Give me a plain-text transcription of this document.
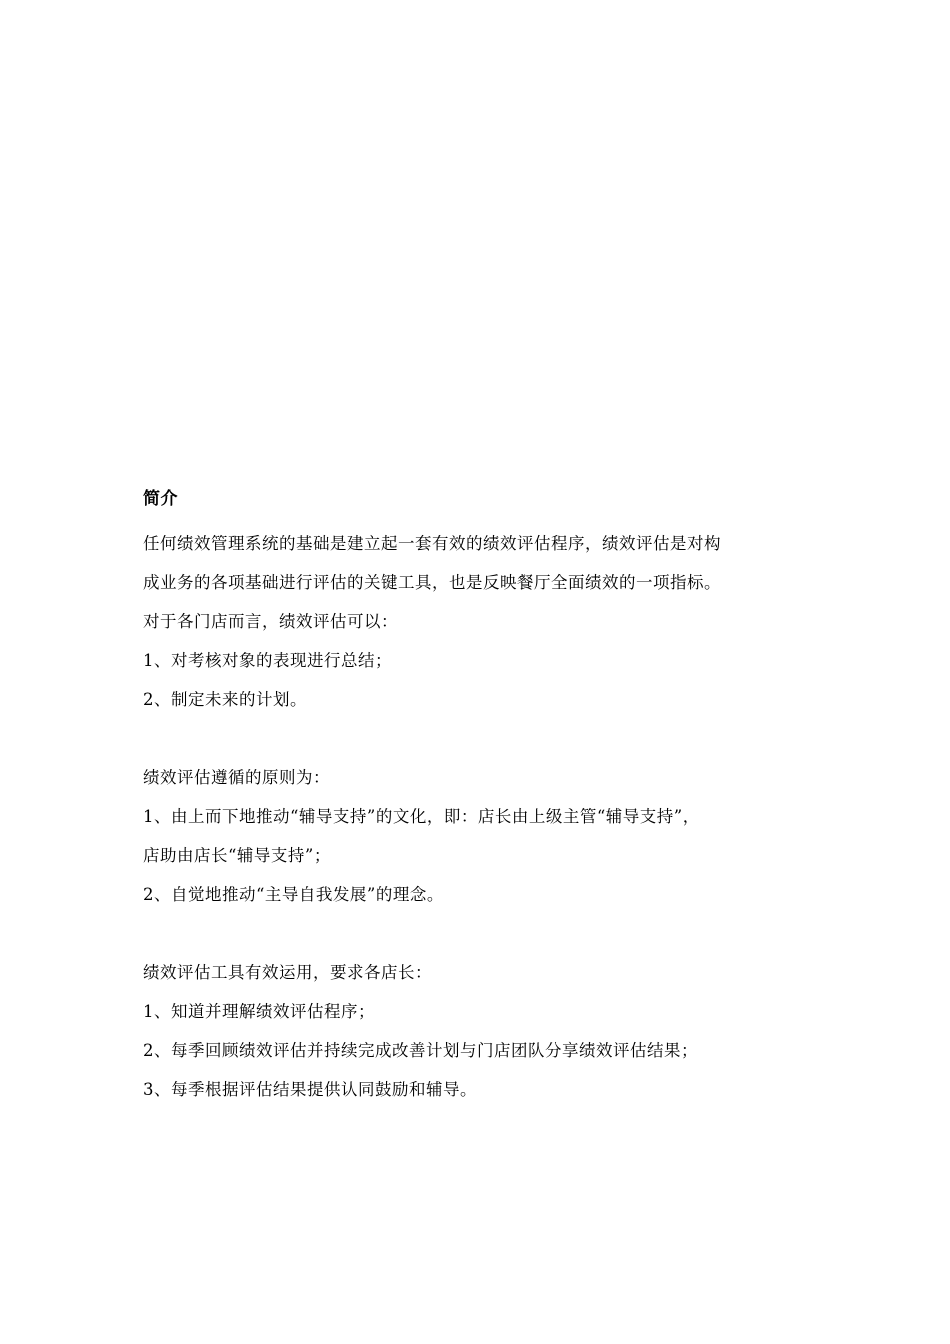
简介

任何绩效管理系统的基础是建立起一套有效的绩效评估程序，绩效评估是对构

成业务的各项基础进行评估的关键工具，也是反映餐厅全面绩效的一项指标。

对于各门店而言，绩效评估可以：

1、对考核对象的表现进行总结；

2、制定未来的计划。

绩效评估遵循的原则为：

1、由上而下地推动“辅导支持”的文化，即：店长由上级主管“辅导支持”，

店助由店长“辅导支持”；

2、自觉地推动“主导自我发展”的理念。

绩效评估工具有效运用，要求各店长：

1、知道并理解绩效评估程序；

2、每季回顾绩效评估并持续完成改善计划与门店团队分享绩效评估结果；

3、每季根据评估结果提供认同鼓励和辅导。
